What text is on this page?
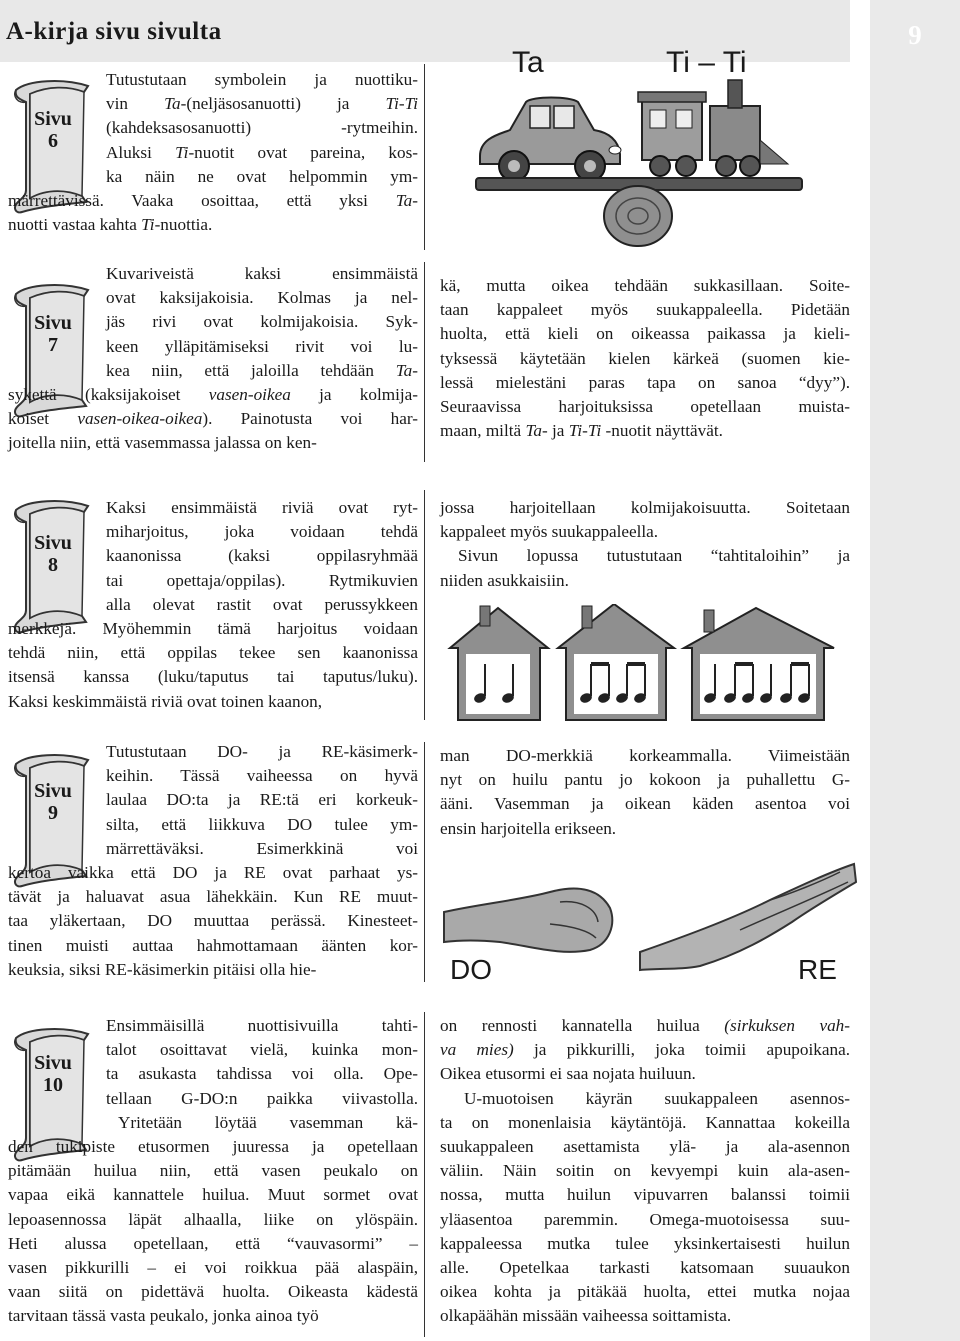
A-kirja sivu sivulta	9
Sivu
6

Tutustutaan symbolein ja nuottiku-

vin Ta-(neljäsosanuotti) ja Ti-Ti

(kahdeksasosanuotti) -rytmeihin.

Aluksi Ti-nuotit ovat pareina, kos-

ka näin ne ovat helpommin ym-

märrettävissä. Vaaka osoittaa, että yksi Ta-

nuotti vastaa kahta Ti-nuottia.

Ta	Ti – Ti
Sivu
7

Kuvariveistä kaksi ensimmäistä

ovat kaksijakoisia. Kolmas ja nel-

jäs rivi ovat kolmijakoisia. Syk-

keen ylläpitämiseksi rivit voi lu-

kea niin, että jaloilla tehdään Ta-

sykettä (kaksijakoiset vasen-oikea ja kolmija-

koiset vasen-oikea-oikea). Painotusta voi har-

joitella niin, että vasemmassa jalassa on ken-

kä, mutta oikea tehdään sukkasillaan. Soite-

taan kappaleet myös suukappaleella. Pidetään

huolta, että kieli on oikeassa paikassa ja kieli-

tyksessä käytetään kielen kärkeä (suomen kie-

lessä mielestäni paras tapa on sanoa “dyy”).

Seuraavissa harjoituksissa opetellaan muista-

maan, miltä Ta- ja Ti-Ti -nuotit näyttävät.

Sivu
8

Kaksi ensimmäistä riviä ovat ryt-

miharjoitus, joka voidaan tehdä

kaanonissa (kaksi oppilasryhmää

tai opettaja/oppilas). Rytmikuvien

alla olevat rastit ovat perussykkeen

merkkejä. Myöhemmin tämä harjoitus voidaan

tehdä niin, että oppilas tekee sen kaanonissa

itsensä kanssa (luku/taputus tai taputus/luku).

Kaksi keskimmäistä riviä ovat toinen kaanon,

jossa harjoitellaan kolmijakoisuutta. Soitetaan

kappaleet myös suukappaleella.

Sivun lopussa tutustutaan “tahtitaloihin” ja

niiden asukkaisiin.

Sivu
9

Tutustutaan DO- ja RE-käsimerk-

keihin. Tässä vaiheessa on hyvä

laulaa DO:ta ja RE:tä eri korkeuk-

silta, että liikkuva DO tulee ym-

märrettäväksi. Esimerkkinä voi

kertoa vaikka että DO ja RE ovat parhaat ys-

tävät ja haluavat asua lähekkäin. Kun RE muut-

taa yläkertaan, DO muuttaa perässä. Kinesteet-

tinen muisti auttaa hahmottamaan äänten kor-

keuksia, siksi RE-käsimerkin pitäisi olla hie-

man DO-merkkiä korkeammalla. Viimeistään

nyt on huilu pantu jo kokoon ja puhallettu G-

ääni. Vasemman ja oikean käden asentoa voi

ensin harjoitella erikseen.

DO	RE
Sivu
10

Ensimmäisillä nuottisivuilla tahti-

talot osoittavat vielä, kuinka mon-

ta asukasta tahdissa voi olla. Ope-

tellaan G-DO:n paikka viivastolla.

Yritetään löytää vasemman kä-

den tukipiste etusormen juuressa ja opetellaan

pitämään huilua niin, että vasen peukalo on

vapaa eikä kannattele huilua. Muut sormet ovat

lepoasennossa läpät alhaalla, liike on ylöspäin.

Heti alussa opetellaan, että “vauvasormi” –

vasen pikkurilli – ei voi roikkua pää alaspäin,

vaan siitä on pidettävä huolta. Oikeasta kädestä

tarvitaan tässä vasta peukalo, jonka ainoa työ

on rennosti kannatella huilua (sirkuksen vah-

va mies) ja pikkurilli, joka toimii apupoikana.

Oikea etusormi ei saa nojata huiluun.

U-muotoisen käyrän suukappaleen asennos-

ta on monenlaisia käytäntöjä. Kannattaa kokeilla

suukappaleen asettamista ylä- ja ala-asennon

väliin. Näin soitin on kevyempi kuin ala-asen-

nossa, mutta huilun vipuvarren balanssi toimii

yläasentoa paremmin. Omega-muotoisessa suu-

kappaleessa mutka tulee yksinkertaisesti huilun

alle. Opetelkaa tarkasti katsomaan suuaukon

oikea kohta ja pitäkää huolta, ettei mutka nojaa

olkapäähän missään vaiheessa soittamista.
